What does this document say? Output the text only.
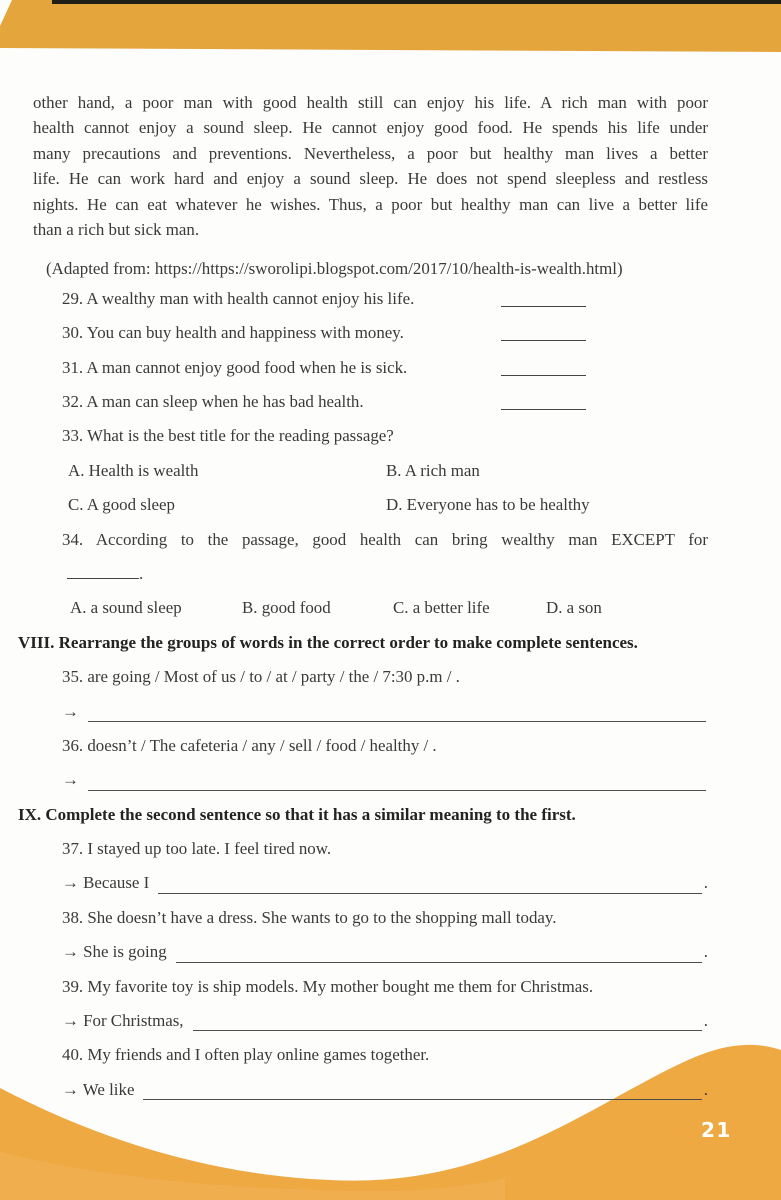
other hand, a poor man with good health still can enjoy his life. A rich man with poor
health cannot enjoy a sound sleep. He cannot enjoy good food. He spends his life under
many precautions and preventions. Nevertheless, a poor but healthy man lives a better
life. He can work hard and enjoy a sound sleep. He does not spend sleepless and restless
nights. He can eat whatever he wishes. Thus, a poor but healthy man can live a better life
than a rich but sick man.
(Adapted from: https://https://sworolipi.blogspot.com/2017/10/health-is-wealth.html)
29. A wealthy man with health cannot enjoy his life.
30. You can buy health and happiness with money.
31. A man cannot enjoy good food when he is sick.
32. A man can sleep when he has bad health.
33. What is the best title for the reading passage?
A. Health is wealth	B. A rich man
C. A good sleep	D. Everyone has to be healthy
34. According to the passage, good health can bring wealthy man EXCEPT for
.
A. a sound sleep	B. good food	C. a better life	D. a son
VIII. Rearrange the groups of words in the correct order to make complete sentences.
35. are going / Most of us / to / at / party / the / 7:30 p.m / .
→
36. doesn’t / The cafeteria / any / sell / food / healthy / .
→
IX. Complete the second sentence so that it has a similar meaning to the first.
37. I stayed up too late. I feel tired now.
→ Because I	.
38. She doesn’t have a dress. She wants to go to the shopping mall today.
→ She is going	.
39. My favorite toy is ship models. My mother bought me them for Christmas.
→ For Christmas,	.
40. My friends and I often play online games together.
→ We like	.
21
